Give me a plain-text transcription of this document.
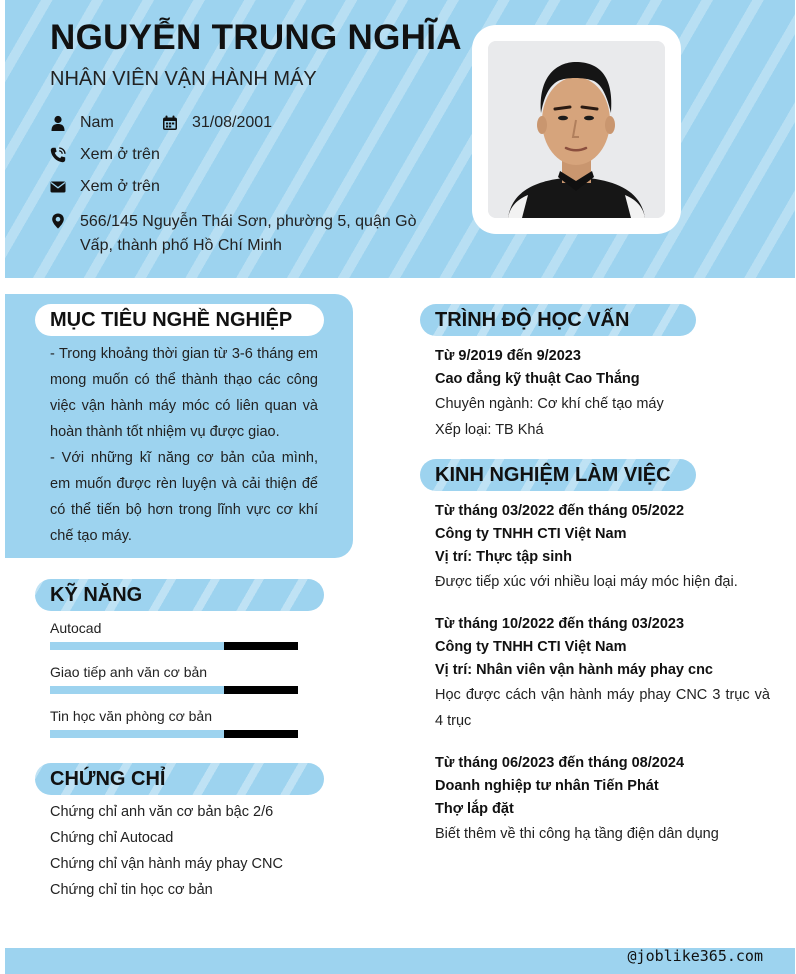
NGUYỄN TRUNG NGHĨA
NHÂN VIÊN VẬN HÀNH MÁY
Nam	31/08/2001
Xem ở trên
Xem ở trên
566/145 Nguyễn Thái Sơn, phường 5, quận Gò Vấp, thành phố Hồ Chí Minh
MỤC TIÊU NGHỀ NGHIỆP

- Trong khoảng thời gian từ 3-6 tháng em mong muốn có thể thành thạo các công việc vận hành máy móc có liên quan và hoàn thành tốt nhiệm vụ được giao.

- Với những kĩ năng cơ bản của mình, em muốn được rèn luyện và cải thiện để có thể tiến bộ hơn trong lĩnh vực cơ khí chế tạo máy.

KỸ NĂNG
Autocad
Giao tiếp anh văn cơ bản
Tin học văn phòng cơ bản
CHỨNG CHỈ
Chứng chỉ anh văn cơ bản bậc 2/6
Chứng chỉ Autocad
Chứng chỉ vận hành máy phay CNC
Chứng chỉ tin học cơ bản
TRÌNH ĐỘ HỌC VẤN
Từ 9/2019 đến 9/2023
Cao đẳng kỹ thuật Cao Thắng
Chuyên ngành: Cơ khí chế tạo máy
Xếp loại: TB Khá
KINH NGHIỆM LÀM VIỆC
Từ tháng 03/2022 đến tháng 05/2022
Công ty TNHH CTI Việt Nam
Vị trí: Thực tập sinh
Được tiếp xúc với nhiều loại máy móc hiện đại.
Từ tháng 10/2022 đến tháng 03/2023
Công ty TNHH CTI Việt Nam
Vị trí: Nhân viên vận hành máy phay cnc
Học được cách vận hành máy phay CNC 3 trục và 4 trục
Từ tháng 06/2023 đến tháng 08/2024
Doanh nghiệp tư nhân Tiến Phát
Thợ lắp đặt
Biết thêm về thi công hạ tầng điện dân dụng
@joblike365.com
